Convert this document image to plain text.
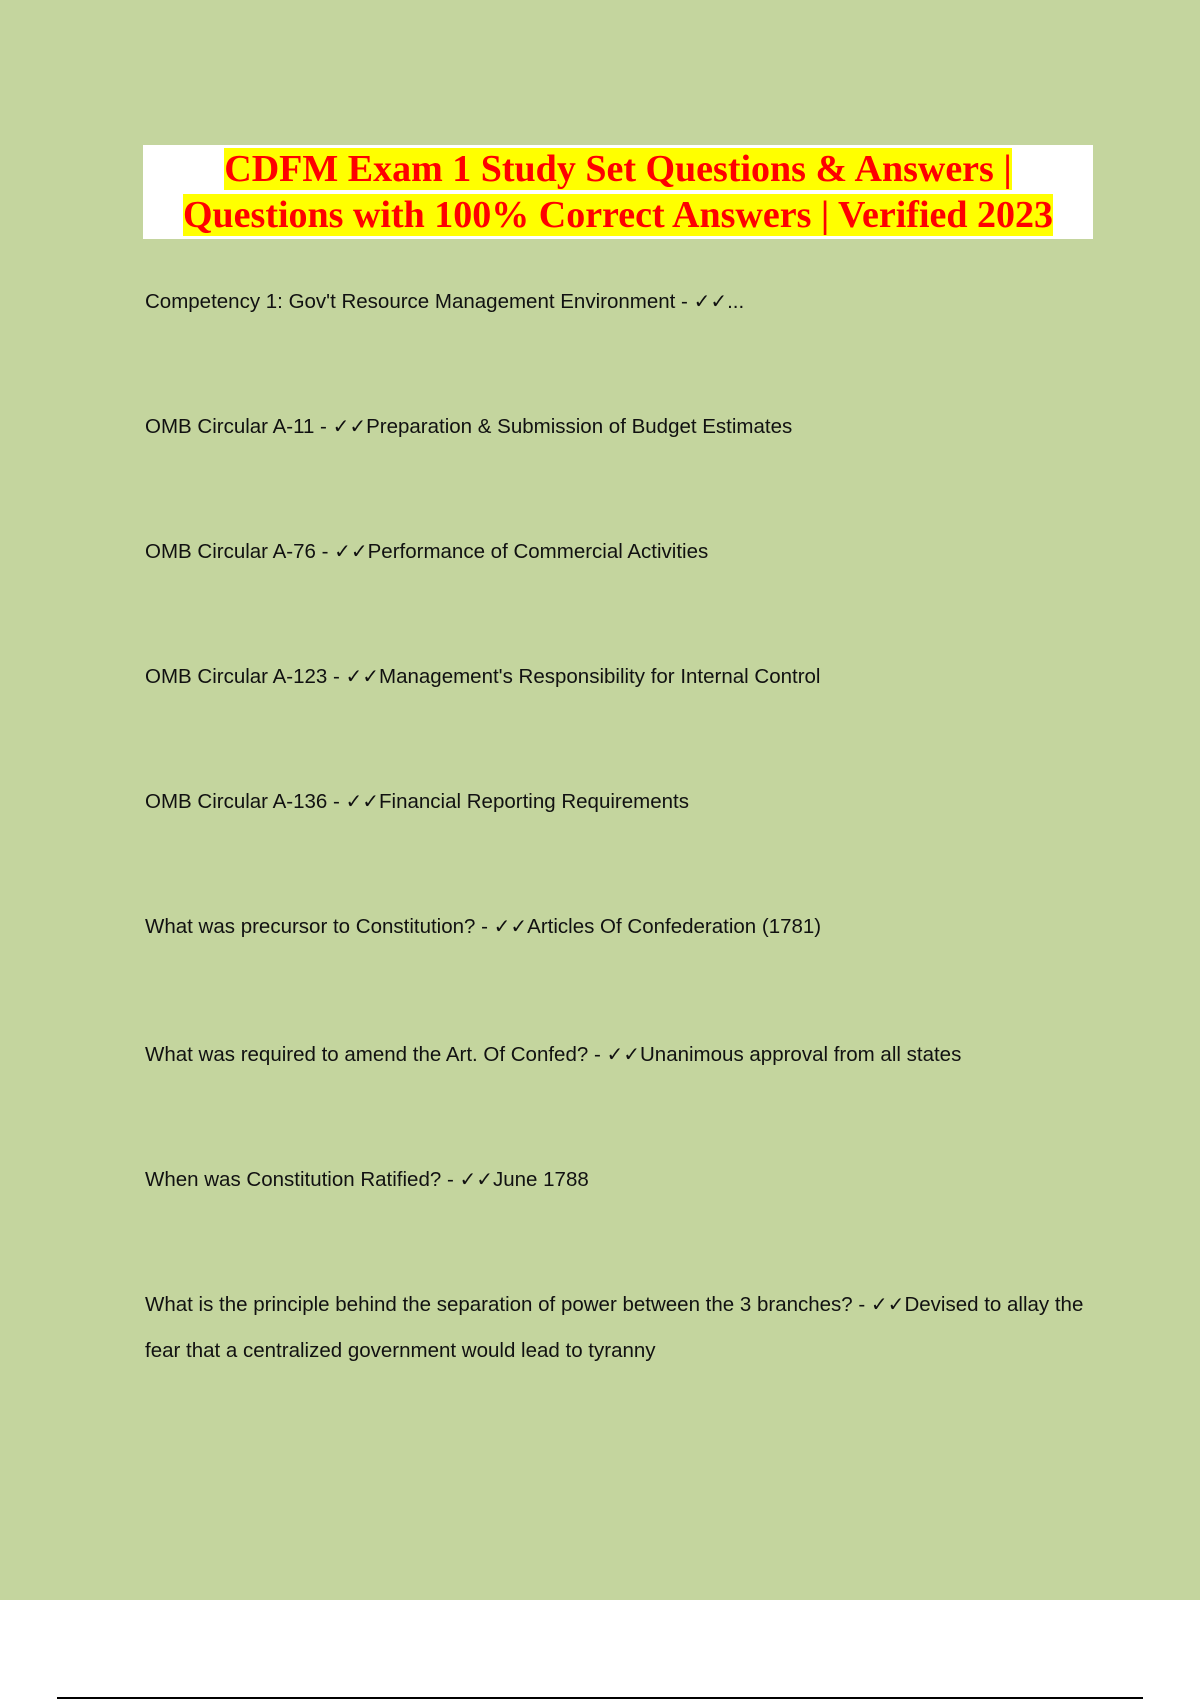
CDFM Exam 1 Study Set Questions & Answers |
Questions with 100% Correct Answers | Verified 2023
Competency 1: Gov't Resource Management Environment - ✓✓...
OMB Circular A-11 - ✓✓Preparation & Submission of Budget Estimates
OMB Circular A-76 - ✓✓Performance of Commercial Activities
OMB Circular A-123 - ✓✓Management's Responsibility for Internal Control
OMB Circular A-136 - ✓✓Financial Reporting Requirements
What was precursor to Constitution? - ✓✓Articles Of Confederation (1781)
What was required to amend the Art. Of Confed? - ✓✓Unanimous approval from all states
When was Constitution Ratified? - ✓✓June 1788
What is the principle behind the separation of power between the 3 branches? - ✓✓Devised to allay the fear that a centralized government would lead to tyranny
